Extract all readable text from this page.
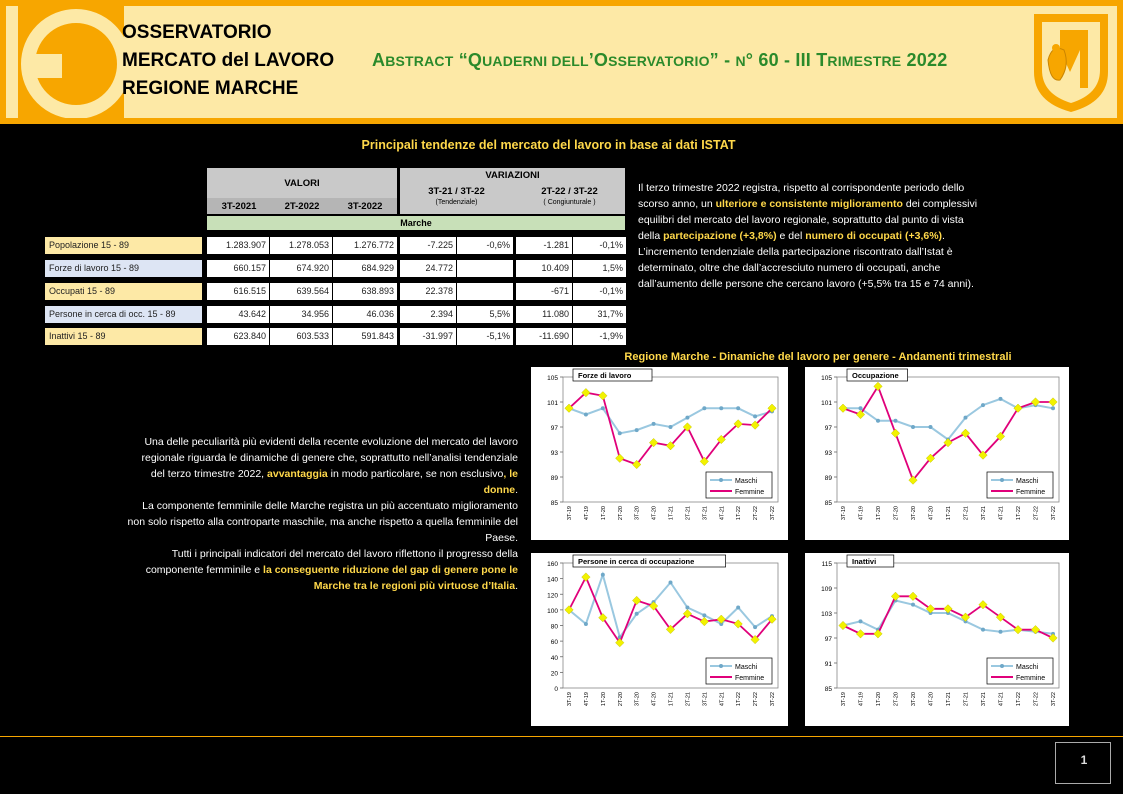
OSSERVATORIO
MERCATO del LAVORO
REGIONE MARCHE
ABSTRACT “QUADERNI DELL’OSSERVATORIO” - N° 60 - III TRIMESTRE 2022
Principali tendenze del mercato del lavoro in base ai dati ISTAT
VALORI
3T-2021	2T-2022	3T-2022
VARIAZIONI
3T-21 / 3T-22
(Tendenziale)
2T-22 / 3T-22
( Congiunturale )
Marche
Popolazione 15 - 89	1.283.907	1.278.053	1.276.772	-7.225	-0,6%	-1.281	-0,1%
Forze di lavoro 15 - 89	660.157	674.920	684.929	24.772	3,8%	10.409	1,5%
Occupati 15 - 89	616.515	639.564	638.893	22.378	3,6%	-671	-0,1%
Persone in cerca di occ. 15 - 89	43.642	34.956	46.036	2.394	5,5%	11.080	31,7%
Inattivi 15 - 89	623.840	603.533	591.843	-31.997	-5,1%	-11.690	-1,9%
Il terzo trimestre 2022 registra, rispetto al corrispondente periodo dello scorso anno, un ulteriore e consistente miglioramento dei complessivi equilibri del mercato del lavoro regionale, soprattutto dal punto di vista della partecipazione (+3,8%) e del numero di occupati (+3,6%).
L’incremento tendenziale della partecipazione riscontrato dall’Istat è determinato, oltre che dall’accresciuto numero di occupati, anche dall’aumento delle persone che cercano lavoro (+5,5% tra 15 e 74 anni).
Una delle peculiarità più evidenti della recente evoluzione del mercato del lavoro regionale riguarda le dinamiche di genere che, soprattutto nell’analisi tendenziale del terzo trimestre 2022, avvantaggia in modo particolare, se non esclusivo, le donne.
La componente femminile delle Marche registra un più accentuato miglioramento non solo rispetto alla controparte maschile, ma anche rispetto a quella femminile del Paese.
Tutti i principali indicatori del mercato del lavoro riflettono il progresso della componente femminile e la conseguente riduzione del gap di genere pone le Marche tra le regioni più virtuose d’Italia.
Regione Marche - Dinamiche del lavoro per genere - Andamenti trimestrali
105
101
97
93
89
85
3T-19 4T-19 1T-20 2T-20 3T-20 4T-20 1T-21 2T-21 3T-21 4T-21 1T-22 2T-22 3T-22
Forze di lavoro
Maschi
Femmine
105
101
97
93
89
85
3T-19 4T-19 1T-20 2T-20 3T-20 4T-20 1T-21 2T-21 3T-21 4T-21 1T-22 2T-22 3T-22
Occupazione
Maschi
Femmine
160
140
120
100
80
60
40
20
0
3T-19 4T-19 1T-20 2T-20 3T-20 4T-20 1T-21 2T-21 3T-21 4T-21 1T-22 2T-22 3T-22
Persone in cerca di occupazione
Maschi
Femmine
115
109
103
97
91
85
3T-19 4T-19 1T-20 2T-20 3T-20 4T-20 1T-21 2T-21 3T-21 4T-21 1T-22 2T-22 3T-22
Inattivi
Maschi
Femmine
1
